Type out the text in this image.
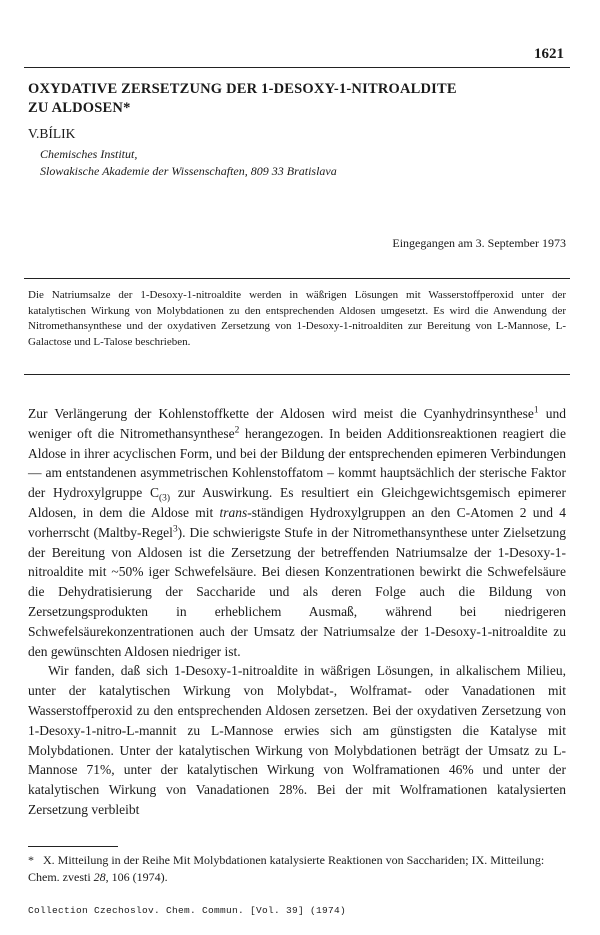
1621
OXYDATIVE ZERSETZUNG DER 1-DESOXY-1-NITROALDITE
ZU ALDOSEN*
V.BÍLIK
Chemisches Institut,
Slowakische Akademie der Wissenschaften, 809 33 Bratislava
Eingegangen am 3. September 1973
Die Natriumsalze der 1-Desoxy-1-nitroaldite werden in wäßrigen Lösungen mit Wasserstoffperoxid unter der katalytischen Wirkung von Molybdationen zu den entsprechenden Aldosen umgesetzt. Es wird die Anwendung der Nitromethansynthese und der oxydativen Zersetzung von 1-Desoxy-1-nitroalditen zur Bereitung von L-Mannose, L-Galactose und L-Talose beschrieben.

Zur Verlängerung der Kohlenstoffkette der Aldosen wird meist die Cyanhydrinsynthese$^1$ und weniger oft die Nitromethansynthese$^2$ herangezogen. In beiden Additionsreaktionen reagiert die Aldose in ihrer acyclischen Form, und bei der Bildung der entsprechenden epimeren Verbindungen — am entstandenen asymmetrischen Kohlenstoffatom – kommt hauptsächlich der sterische Faktor der Hydroxylgruppe $C_{(3)}$ zur Auswirkung. Es resultiert ein Gleichgewichtsgemisch epimerer Aldosen, in dem die Aldose mit trans-ständigen Hydroxylgruppen an den C-Atomen 2 und 4 vorherrscht (Maltby-Regel$^3$). Die schwierigste Stufe in der Nitromethansynthese unter Zielsetzung der Bereitung von Aldosen ist die Zersetzung der betreffenden Natriumsalze der 1-Desoxy-1-nitroaldite mit ~50% iger Schwefelsäure. Bei diesen Konzentrationen bewirkt die Schwefelsäure die Dehydratisierung der Saccharide und als deren Folge auch die Bildung von Zersetzungsprodukten in erheblichem Ausmaß, während bei niedrigeren Schwefelsäurekonzentrationen auch der Umsatz der Natriumsalze der 1-Desoxy-1-nitroaldite zu den gewünschten Aldosen niedriger ist.

Wir fanden, daß sich 1-Desoxy-1-nitroaldite in wäßrigen Lösungen, in alkalischem Milieu, unter der katalytischen Wirkung von Molybdat-, Wolframat- oder Vanadationen mit Wasserstoffperoxid zu den entsprechenden Aldosen zersetzen. Bei der oxydativen Zersetzung von 1-Desoxy-1-nitro-L-mannit zu L-Mannose erwies sich am günstigsten die Katalyse mit Molybdationen. Unter der katalytischen Wirkung von Molybdationen beträgt der Umsatz zu L-Mannose 71%, unter der katalytischen Wirkung von Wolframationen 46% und unter der katalytischen Wirkung von Vanadationen 28%. Bei der mit Wolframationen katalysierten Zersetzung verbleibt

* X. Mitteilung in der Reihe Mit Molybdationen katalysierte Reaktionen von Sacchariden; IX. Mitteilung: Chem. zvesti 28, 106 (1974).
Collection Czechoslov. Chem. Commun. [Vol. 39] (1974)
